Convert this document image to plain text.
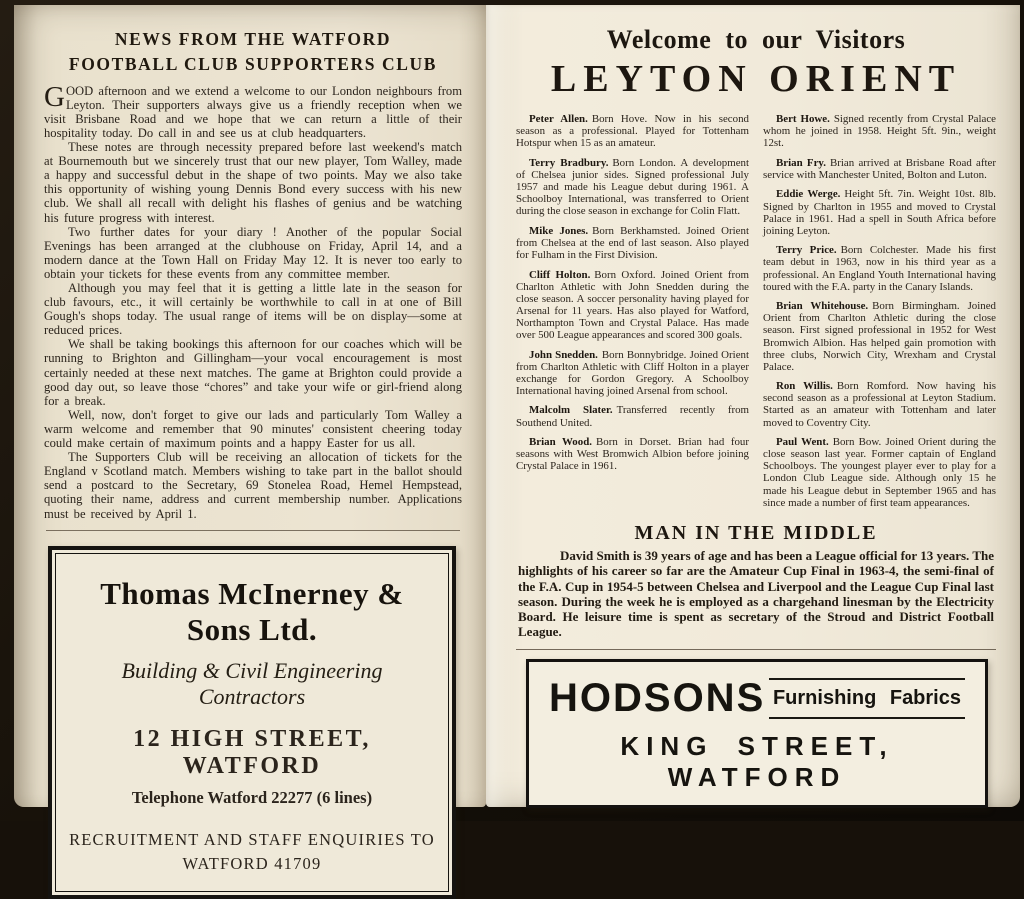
NEWS FROM THE WATFORD
FOOTBALL CLUB SUPPORTERS CLUB

GOOD afternoon and we extend a welcome to our London neighbours from Leyton. Their supporters always give us a friendly reception when we visit Brisbane Road and we hope that we can return a little of their hospitality today. Do call in and see us at club headquarters.

These notes are through necessity prepared before last weekend's match at Bournemouth but we sincerely trust that our new player, Tom Walley, made a happy and successful debut in the shape of two points. May we also take this opportunity of wishing young Dennis Bond every success with his new club. We shall all recall with delight his flashes of genius and be watching his future progress with interest.

Two further dates for your diary ! Another of the popular Social Evenings has been arranged at the clubhouse on Friday, April 14, and a modern dance at the Town Hall on Friday May 12. It is never too early to obtain your tickets for these events from any committee member.

Although you may feel that it is getting a little late in the season for club favours, etc., it will certainly be worthwhile to call in at one of Bill Gough's shops today. The usual range of items will be on display—some at reduced prices.

We shall be taking bookings this afternoon for our coaches which will be running to Brighton and Gillingham—your vocal encouragement is most certainly needed at these next matches. The game at Brighton could provide a good day out, so leave those “chores” and take your wife or girl-friend along for a break.

Well, now, don't forget to give our lads and particularly Tom Walley a warm welcome and remember that 90 minutes' consistent cheering today could make certain of maximum points and a happy Easter for us all.

The Supporters Club will be receiving an allocation of tickets for the England v Scotland match. Members wishing to take part in the ballot should send a postcard to the Secretary, 69 Stonelea Road, Hemel Hempstead, quoting their name, address and current membership number. Applications must be received by April 1.

Thomas McInerney & Sons Ltd.
Building & Civil Engineering Contractors
12 HIGH STREET, WATFORD
Telephone Watford 22277 (6 lines)

RECRUITMENT AND STAFF ENQUIRIES TO
WATFORD 41709

Welcome to our Visitors
LEYTON ORIENT

Peter Allen. Born Hove. Now in his second season as a professional. Played for Tottenham Hotspur when 15 as an amateur.

Terry Bradbury. Born London. A development of Chelsea junior sides. Signed professional July 1957 and made his League debut during 1961. A Schoolboy International, was transferred to Orient during the close season in exchange for Colin Flatt.

Mike Jones. Born Berkhamsted. Joined Orient from Chelsea at the end of last season. Also played for Fulham in the First Division.

Cliff Holton. Born Oxford. Joined Orient from Charlton Athletic with John Snedden during the close season. A soccer personality having played for Arsenal for 11 years. Has also played for Watford, Northampton Town and Crystal Palace. Has made over 500 League appearances and scored 300 goals.

John Snedden. Born Bonnybridge. Joined Orient from Charlton Athletic with Cliff Holton in a player exchange for Gordon Gregory. A Schoolboy International having joined Arsenal from school.

Malcolm Slater. Transferred recently from Southend United.

Brian Wood. Born in Dorset. Brian had four seasons with West Bromwich Albion before joining Crystal Palace in 1961.

Bert Howe. Signed recently from Crystal Palace whom he joined in 1958. Height 5ft. 9in., weight 12st.

Brian Fry. Brian arrived at Brisbane Road after service with Manchester United, Bolton and Luton.

Eddie Werge. Height 5ft. 7in. Weight 10st. 8lb. Signed by Charlton in 1955 and moved to Crystal Palace in 1961. Had a spell in South Africa before joining Leyton.

Terry Price. Born Colchester. Made his first team debut in 1963, now in his third year as a professional. An England Youth International having toured with the F.A. party in the Canary Islands.

Brian Whitehouse. Born Birmingham. Joined Orient from Charlton Athletic during the close season. First signed professional in 1952 for West Bromwich Albion. Has helped gain promotion with three clubs, Norwich City, Wrexham and Crystal Palace.

Ron Willis. Born Romford. Now having his second season as a professional at Leyton Stadium. Started as an amateur with Tottenham and later moved to Coventry City.

Paul Went. Born Bow. Joined Orient during the close season last year. Former captain of England Schoolboys. The youngest player ever to play for a London Club League side. Although only 15 he made his League debut in September 1965 and has since made a number of first team appearances.

MAN IN THE MIDDLE

David Smith is 39 years of age and has been a League official for 13 years. The highlights of his career so far are the Amateur Cup Final in 1963-4, the semi-final of the F.A. Cup in 1954-5 between Chelsea and Liverpool and the League Cup Final last season. During the week he is employed as a chargehand linesman by the Electricity Board. He leisure time is spent as secretary of the Stroud and District Football League.

HODSONS Furnishing Fabrics
KING STREET, WATFORD
